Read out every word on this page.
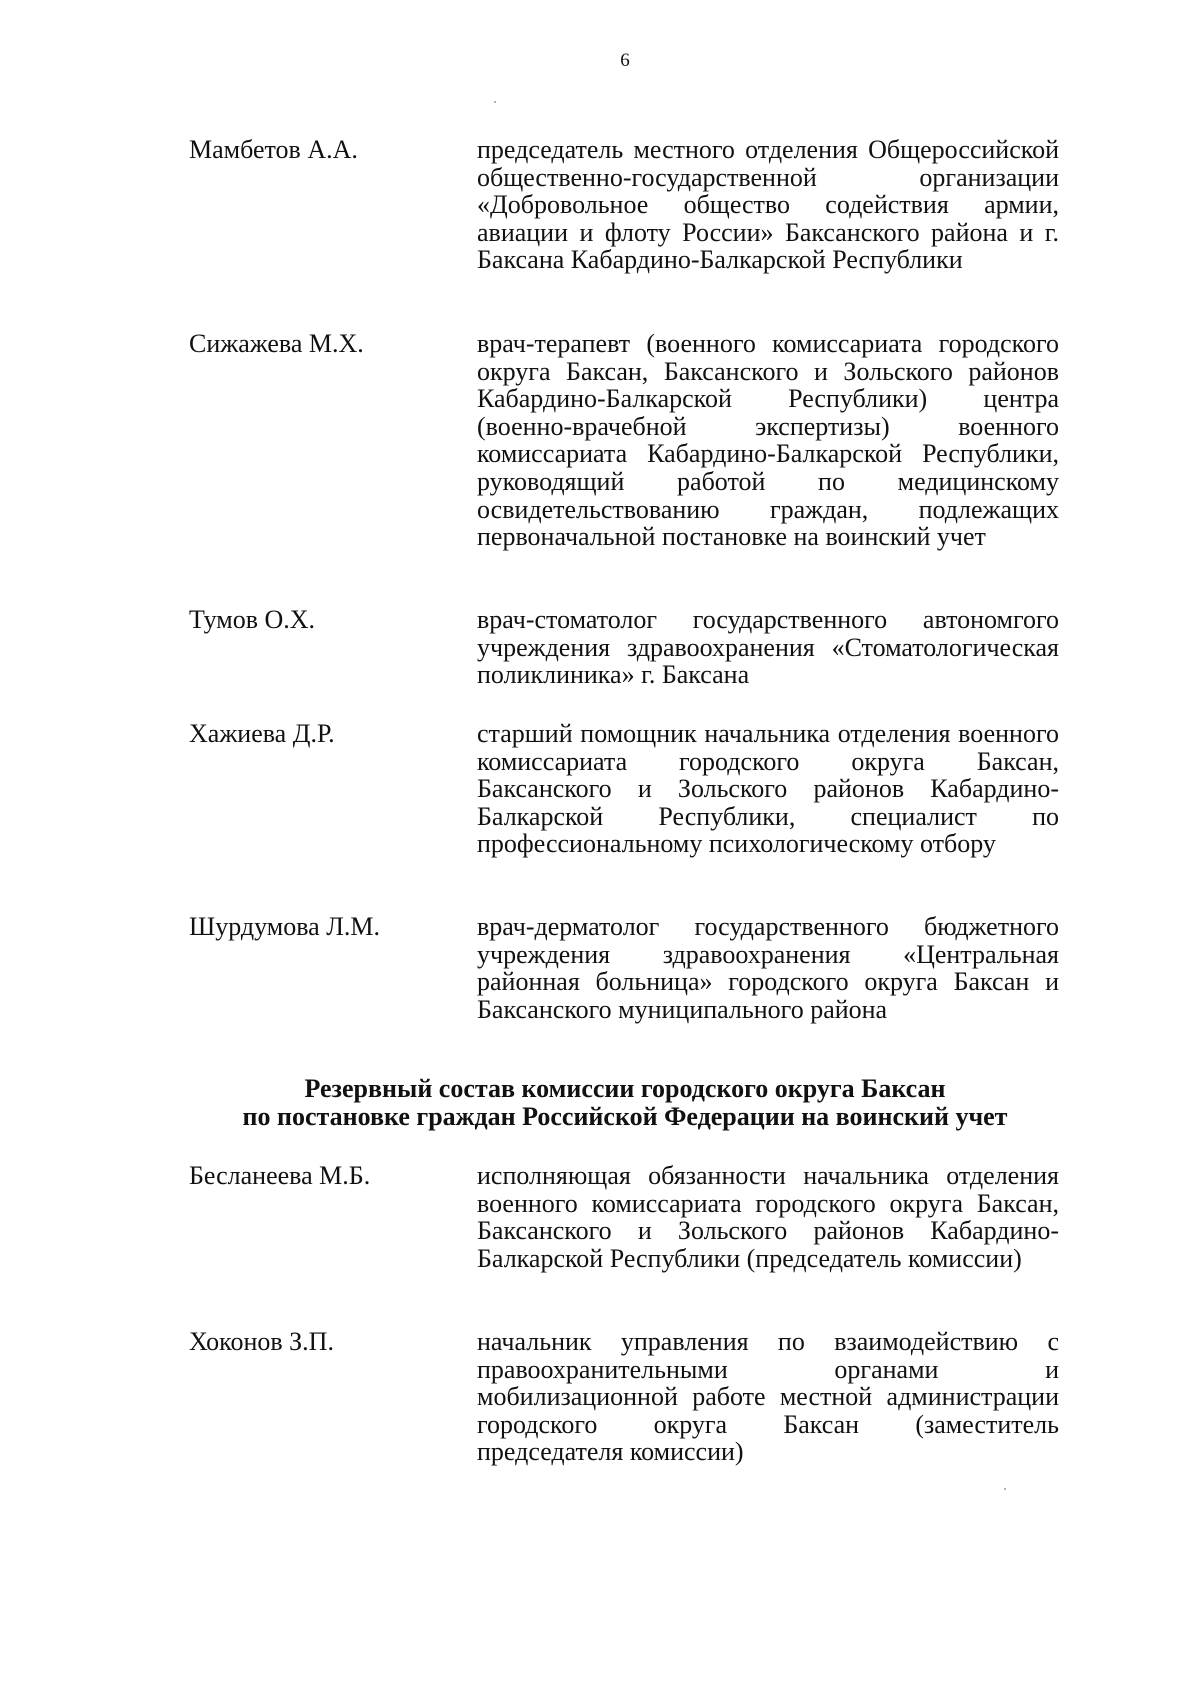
6
Мамбетов А.А.	председатель местного отделения Общероссийской общественно-государственной организации «Добровольное общество содействия армии, авиации и флоту России» Баксанского района и г. Баксана Кабардино-Балкарской Республики
Сижажева М.Х.	врач-терапевт (военного комиссариата городского округа Баксан, Баксанского и Зольского районов Кабардино-Балкарской Республики) центра (военно-врачебной экспертизы) военного комиссариата Кабардино-Балкарской Республики, руководящий работой по медицинскому освидетельствованию граждан, подлежащих первоначальной постановке на воинский учет
Тумов О.Х.	врач-стоматолог государственного автономгого учреждения здравоохранения «Стоматологическая поликлиника» г. Баксана
Хажиева Д.Р.	старший помощник начальника отделения военного комиссариата городского округа Баксан, Баксанского и Зольского районов Кабардино-Балкарской Республики, специалист по профессиональному психологическому отбору
Шурдумова Л.М.	врач-дерматолог государственного бюджетного учреждения здравоохранения «Центральная районная больница» городского округа Баксан и Баксанского муниципального района
Резервный состав комиссии городского округа Баксан
по постановке граждан Российской Федерации на воинский учет
Бесланеева М.Б.	исполняющая обязанности начальника отделения военного комиссариата городского округа Баксан, Баксанского и Зольского районов Кабардино-Балкарской Республики (председатель комиссии)
Хоконов З.П.	начальник управления по взаимодействию с правоохранительными органами и мобилизационной работе местной администрации городского округа Баксан (заместитель председателя комиссии)
